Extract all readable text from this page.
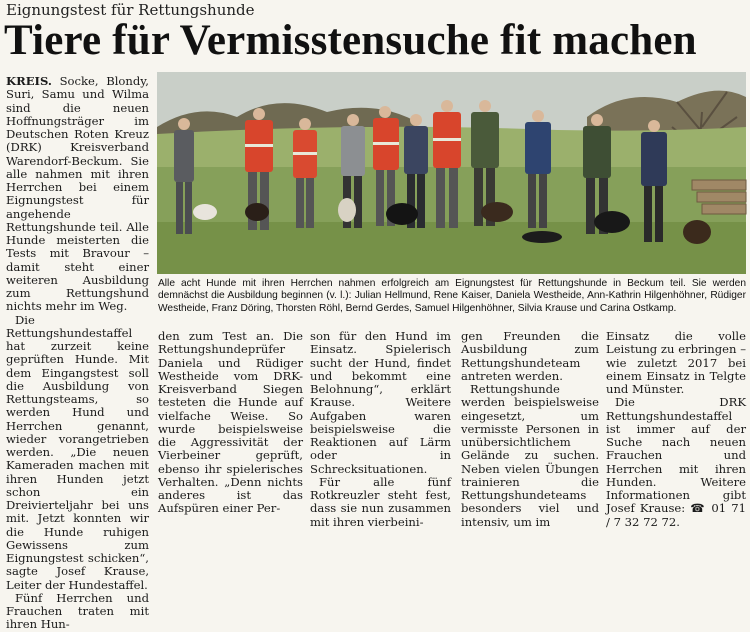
Eignungstest für Rettungshunde
Tiere für Vermisstensuche fit machen

KREIS. Socke, Blondy, Suri, Samu und Wilma sind die neuen Hoffnungsträger im Deutschen Roten Kreuz (DRK) Kreisverband Warendorf-Beckum. Sie alle nahmen mit ihren Herrchen bei einem Eignungstest für angehende Rettungshunde teil. Alle Hunde meisterten die Tests mit Bravour – damit steht einer weiteren Ausbildung zum Rettungshund nichts mehr im Weg.

Die Rettungshundestaffel hat zurzeit keine geprüften Hunde. Mit dem Eingangstest soll die Ausbildung von Rettungsteams, so werden Hund und Herrchen genannt, wieder vorangetrieben werden. „Die neuen Kameraden machen mit ihren Hunden jetzt schon ein Dreivierteljahr bei uns mit. Jetzt konnten wir die Hunde ruhigen Gewissens zum Eignungstest schicken“, sagte Josef Krause, Leiter der Hundestaffel.

Fünf Herrchen und Frauchen traten mit ihren Hun-

Alle acht Hunde mit ihren Herrchen nahmen erfolgreich am Eignungstest für Rettungshunde in Beckum teil. Sie werden demnächst die Ausbildung beginnen (v. l.): Julian Hellmund, Rene Kaiser, Daniela Westheide, Ann-Kathrin Hilgenhöhner, Rüdiger Westheide, Franz Döring, Thorsten Röhl, Bernd Gerdes, Samuel Hilgenhöhner, Silvia Krause und Carina Ostkamp.

den zum Test an. Die Rettungshundeprüfer Daniela und Rüdiger Westheide vom DRK-Kreisverband Siegen testeten die Hunde auf vielfache Weise. So wurde beispielsweise die Aggressivität der Vierbeiner geprüft, ebenso ihr spielerisches Verhalten. „Denn nichts anderes ist das Aufspüren einer Per-

son für den Hund im Einsatz. Spielerisch sucht der Hund, findet und bekommt eine Belohnung“, erklärt Krause. Weitere Aufgaben waren beispielsweise die Reaktionen auf Lärm oder in Schrecksituationen.

Für alle fünf Rotkreuzler steht fest, dass sie nun zusammen mit ihren vierbeini-

gen Freunden die Ausbildung zum Rettungshundeteam antreten werden.

Rettungshunde werden beispielsweise eingesetzt, um vermisste Personen in unübersichtlichem Gelände zu suchen. Neben vielen Übungen trainieren die Rettungshundeteams besonders viel und intensiv, um im

Einsatz die volle Leistung zu erbringen – wie zuletzt 2017 bei einem Einsatz in Telgte und Münster.

Die DRK Rettungshundestaffel ist immer auf der Suche nach neuen Frauchen und Herrchen mit ihren Hunden. Weitere Informationen gibt Josef Krause: ☎ 01 71 / 7 32 72 72.
